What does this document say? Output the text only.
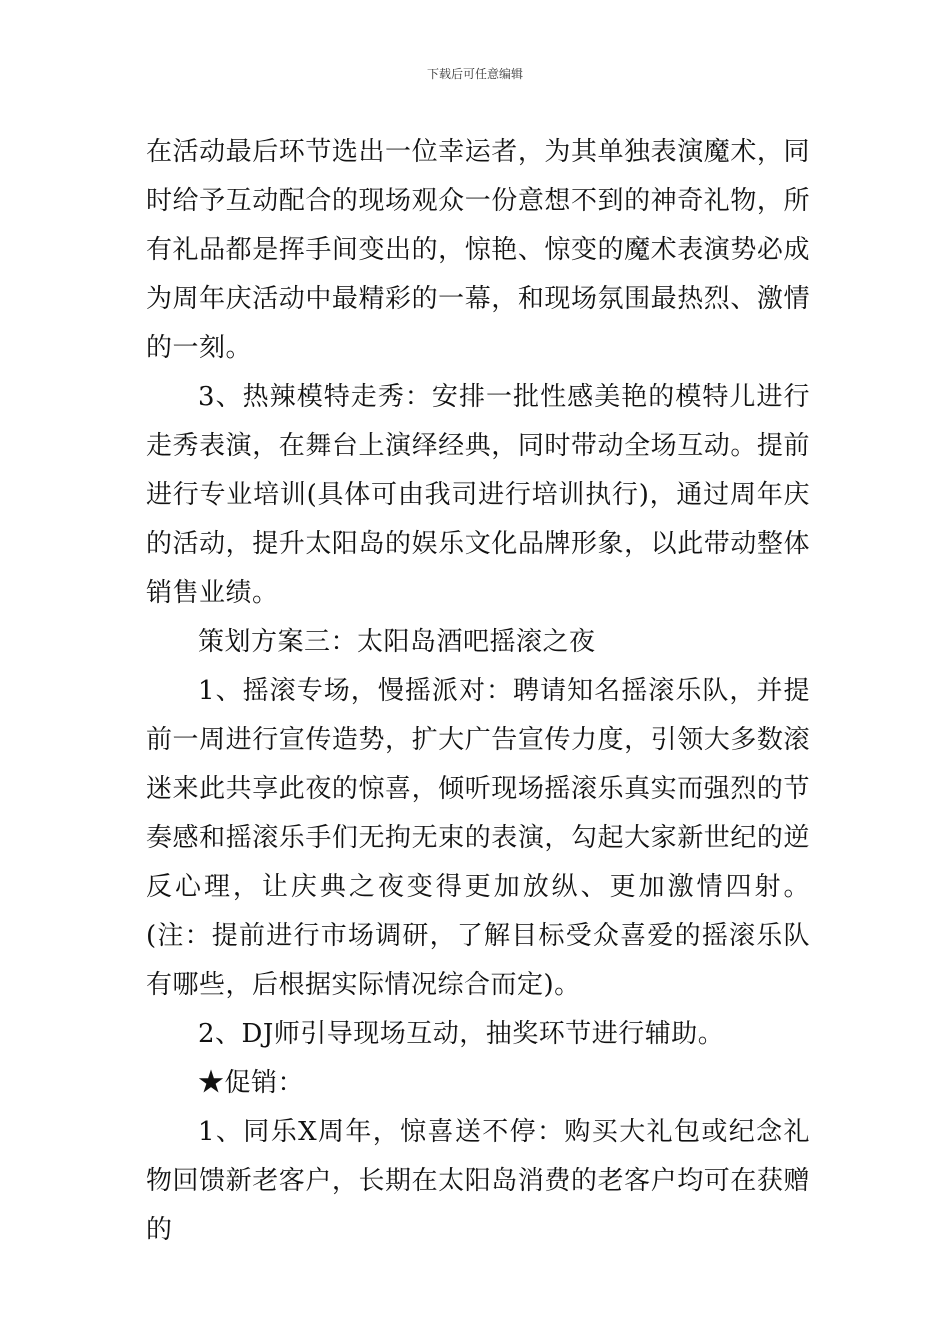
下载后可任意编辑

在活动最后环节选出一位幸运者，为其单独表演魔术，同时给予互动配合的现场观众一份意想不到的神奇礼物，所有礼品都是挥手间变出的，惊艳、惊变的魔术表演势必成为周年庆活动中最精彩的一幕，和现场氛围最热烈、激情的一刻。

3、热辣模特走秀：安排一批性感美艳的模特儿进行走秀表演，在舞台上演绎经典，同时带动全场互动。提前进行专业培训(具体可由我司进行培训执行)，通过周年庆的活动，提升太阳岛的娱乐文化品牌形象，以此带动整体销售业绩。

策划方案三：太阳岛酒吧摇滚之夜

1、摇滚专场，慢摇派对：聘请知名摇滚乐队，并提前一周进行宣传造势，扩大广告宣传力度，引领大多数滚迷来此共享此夜的惊喜，倾听现场摇滚乐真实而强烈的节奏感和摇滚乐手们无拘无束的表演，勾起大家新世纪的逆反心理，让庆典之夜变得更加放纵、更加激情四射。(注：提前进行市场调研，了解目标受众喜爱的摇滚乐队有哪些，后根据实际情况综合而定)。

2、DJ师引导现场互动，抽奖环节进行辅助。

★促销：

1、同乐X周年，惊喜送不停：购买大礼包或纪念礼物回馈新老客户，长期在太阳岛消费的老客户均可在获赠的
